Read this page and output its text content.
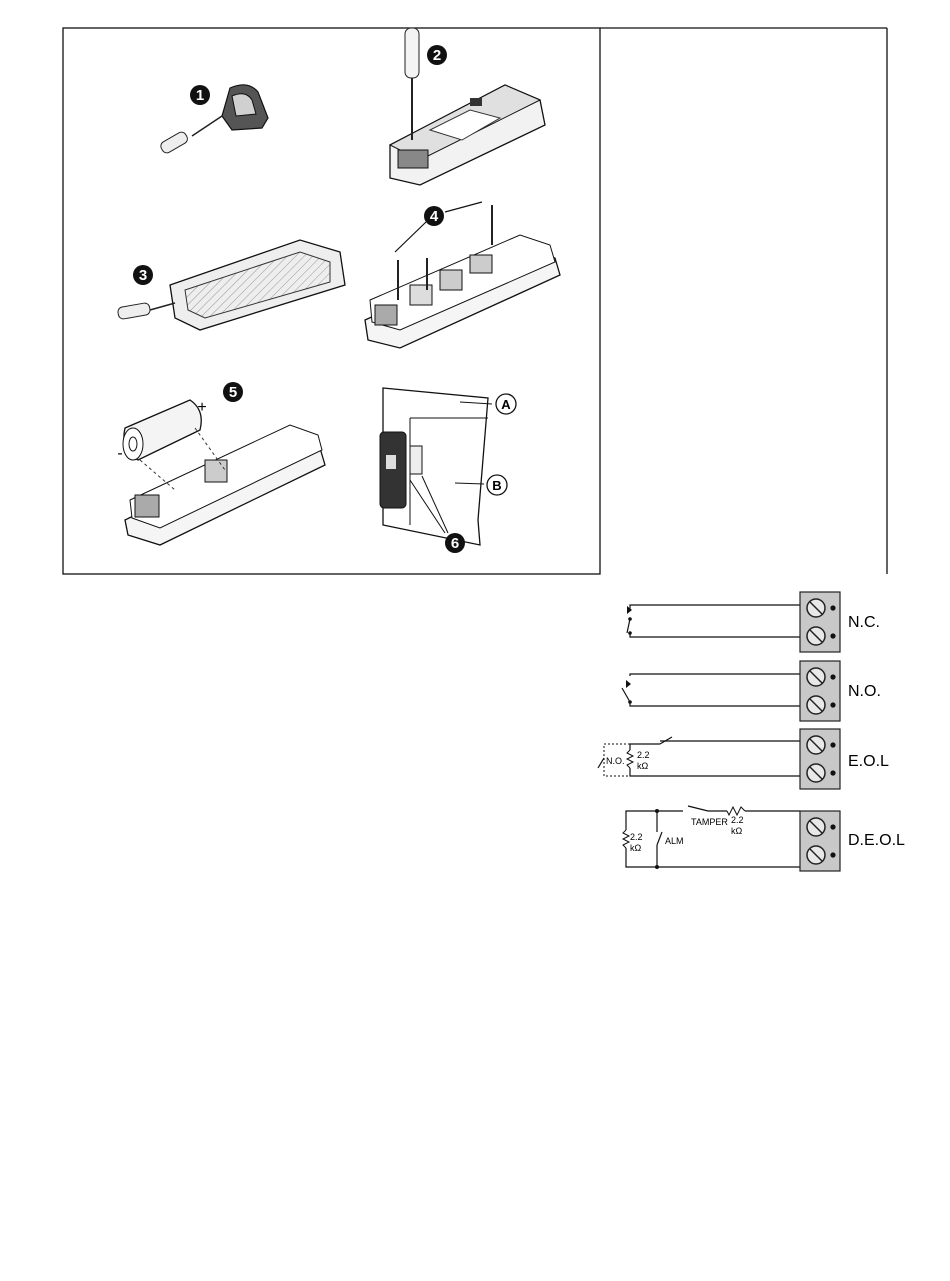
1
2
3
4
+
-
5
A
B
6
N.C.
N.O.
N.O.
2.2
kΩ	E.O.L
TAMPER 2.2
kΩ
2.2
kΩ
ALM	D.E.O.L
